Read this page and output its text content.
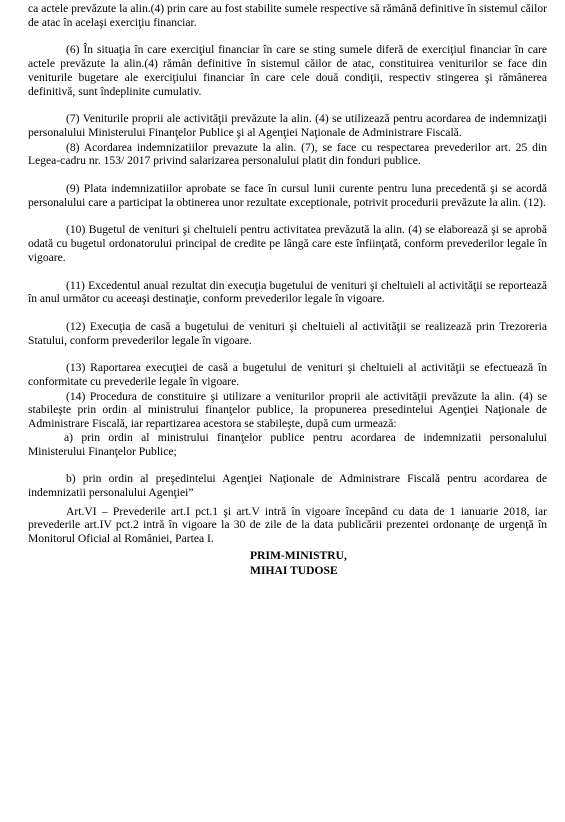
ca actele prevăzute la alin.(4) prin care au fost stabilite sumele respective să rămână definitive în sistemul căilor de atac în acelaşi exerciţiu financiar.

(6) În situaţia în care exerciţiul financiar în care se sting sumele diferă de exerciţiul financiar în care actele prevăzute la alin.(4) rămân definitive în sistemul căilor de atac, constituirea veniturilor se face din veniturile bugetare ale exerciţiului financiar în care cele două condiţii, respectiv stingerea şi rămânerea definitivă, sunt îndeplinite cumulativ.

(7) Veniturile proprii ale activităţii prevăzute la alin. (4) se utilizează pentru acordarea de indemnizaţii personalului Ministerului Finanţelor Publice şi al Agenţiei Naţionale de Administrare Fiscală.

(8) Acordarea indemnizatiilor prevazute la alin. (7), se face cu respectarea prevederilor art. 25 din Legea-cadru nr. 153/ 2017 privind salarizarea personalului platit din fonduri publice.

(9) Plata indemnizatiilor aprobate se face în cursul lunii curente pentru luna precedentă şi se acordă personalului care a participat la obtinerea unor rezultate exceptionale, potrivit procedurii prevăzute la alin. (12).

(10) Bugetul de venituri şi cheltuieli pentru activitatea prevăzută la alin. (4) se elaborează şi se aprobă odată cu bugetul ordonatorului principal de credite pe lângă care este înfiinţată, conform prevederilor legale în vigoare.

(11) Excedentul anual rezultat din execuţia bugetului de venituri şi cheltuieli al activităţii se reportează în anul următor cu aceeaşi destinaţie, conform prevederilor legale în vigoare.

(12) Execuţia de casă a bugetului de venituri şi cheltuieli al activităţii se realizează prin Trezoreria Statului, conform prevederilor legale în vigoare.

(13) Raportarea execuţiei de casă a bugetului de venituri şi cheltuieli al activităţii se efectuează în conformitate cu prevederile legale în vigoare.

(14) Procedura de constituire şi utilizare a veniturilor proprii ale activităţii prevăzute la alin. (4) se stabileşte prin ordin al ministrului finanţelor publice, la propunerea presedintelui Agenţiei Naţionale de Administrare Fiscală, iar repartizarea acestora se stabileşte, după cum urmează:

a) prin ordin al ministrului finanţelor publice pentru acordarea de indemnizatii personalului Ministerului Finanţelor Publice;

b) prin ordin al preşedintelui Agenţiei Naţionale de Administrare Fiscală pentru acordarea de indemnizatii personalului Agenţiei”

Art.VI – Prevederile art.I pct.1 şi art.V intră în vigoare începând cu data de 1 ianuarie 2018, iar prevederile art.IV pct.2 intră în vigoare la 30 de zile de la data publicării prezentei ordonanţe de urgenţă în Monitorul Oficial al României, Partea I.

PRIM-MINISTRU,
MIHAI TUDOSE
